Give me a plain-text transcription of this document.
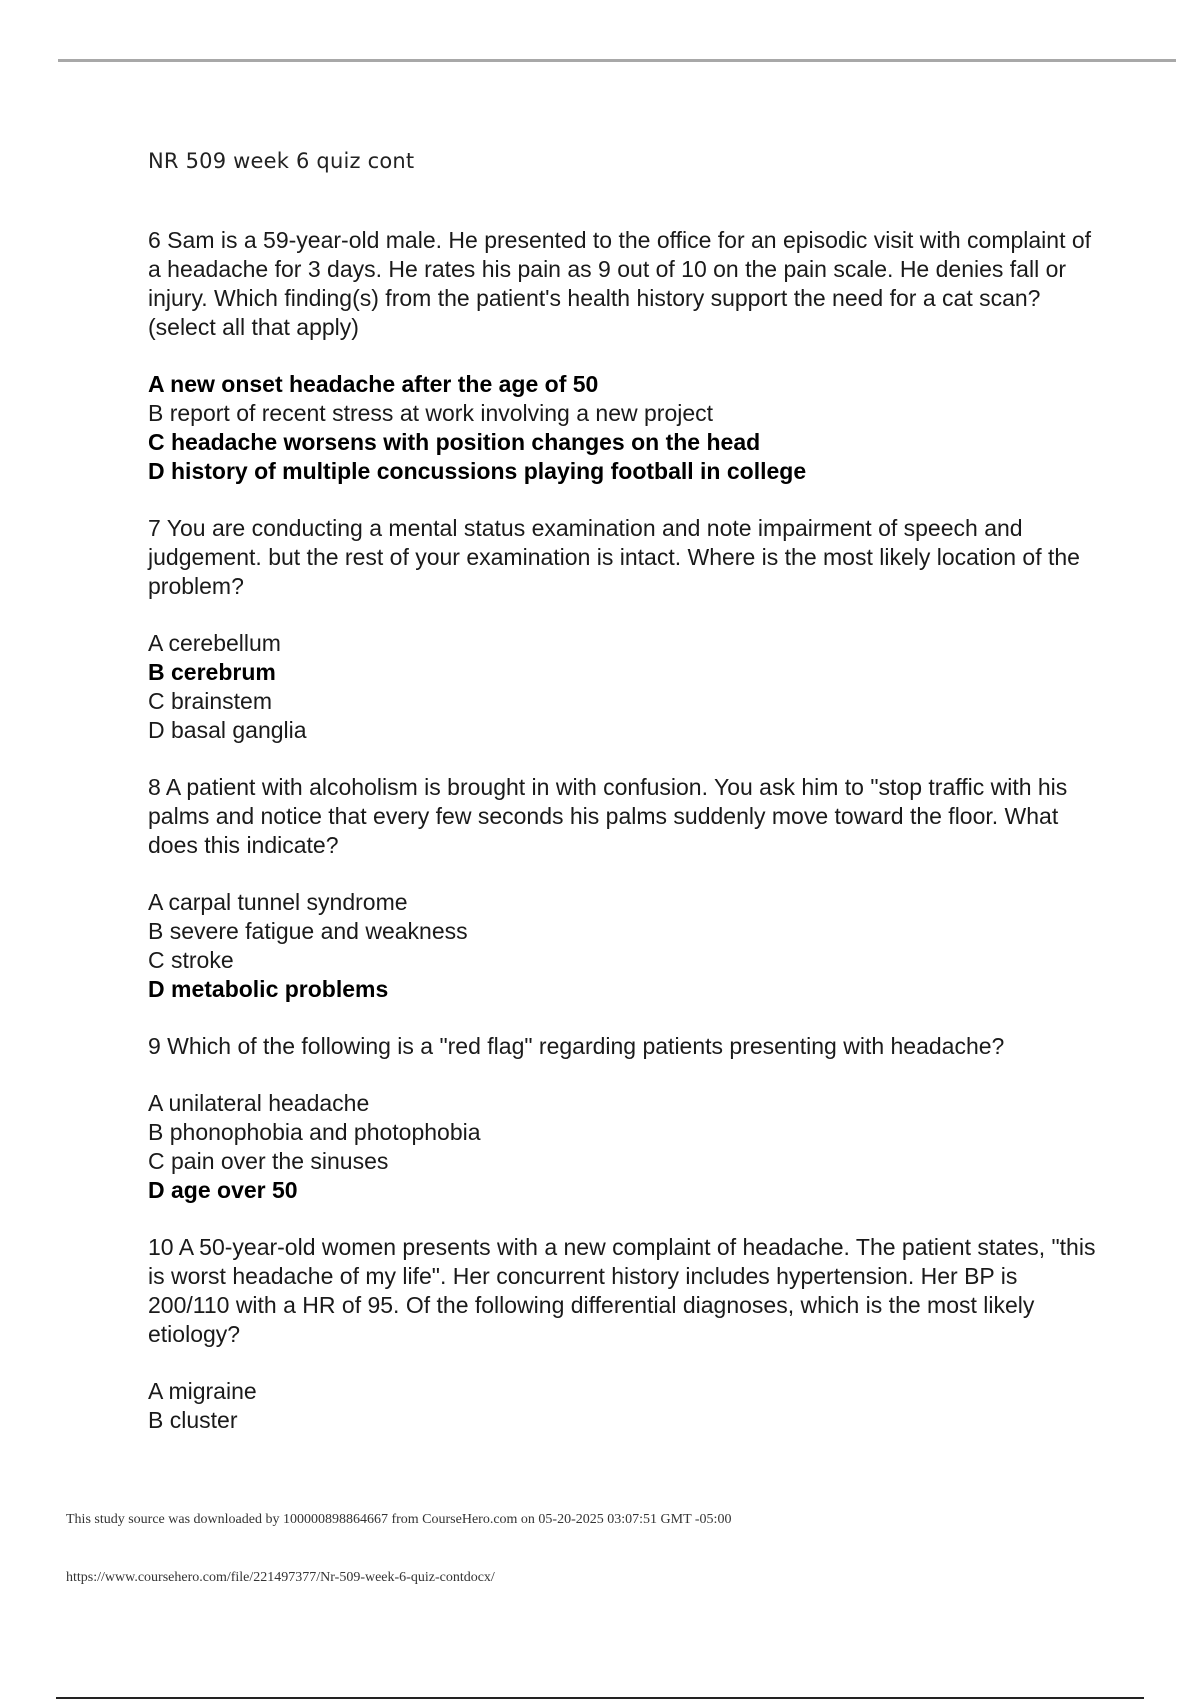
NR 509 week 6 quiz cont

6 Sam is a 59-year-old male. He presented to the office for an episodic visit with complaint of a headache for 3 days. He rates his pain as 9 out of 10 on the pain scale. He denies fall or injury. Which finding(s) from the patient's health history support the need for a cat scan? (select all that apply)

A new onset headache after the age of 50
B report of recent stress at work involving a new project
C headache worsens with position changes on the head
D history of multiple concussions playing football in college

7 You are conducting a mental status examination and note impairment of speech and judgement. but the rest of your examination is intact. Where is the most likely location of the problem?

A cerebellum
B cerebrum
C brainstem
D basal ganglia

8 A patient with alcoholism is brought in with confusion. You ask him to "stop traffic with his palms and notice that every few seconds his palms suddenly move toward the floor. What does this indicate?

A carpal tunnel syndrome
B severe fatigue and weakness
C stroke
D metabolic problems

9 Which of the following is a "red flag" regarding patients presenting with headache?

A unilateral headache
B phonophobia and photophobia
C pain over the sinuses
D age over 50

10 A 50-year-old women presents with a new complaint of headache. The patient states, "this is worst headache of my life". Her concurrent history includes hypertension. Her BP is 200/110 with a HR of 95. Of the following differential diagnoses, which is the most likely etiology?

A migraine
B cluster
This study source was downloaded by 100000898864667 from CourseHero.com on 05-20-2025 03:07:51 GMT -05:00
https://www.coursehero.com/file/221497377/Nr-509-week-6-quiz-contdocx/
